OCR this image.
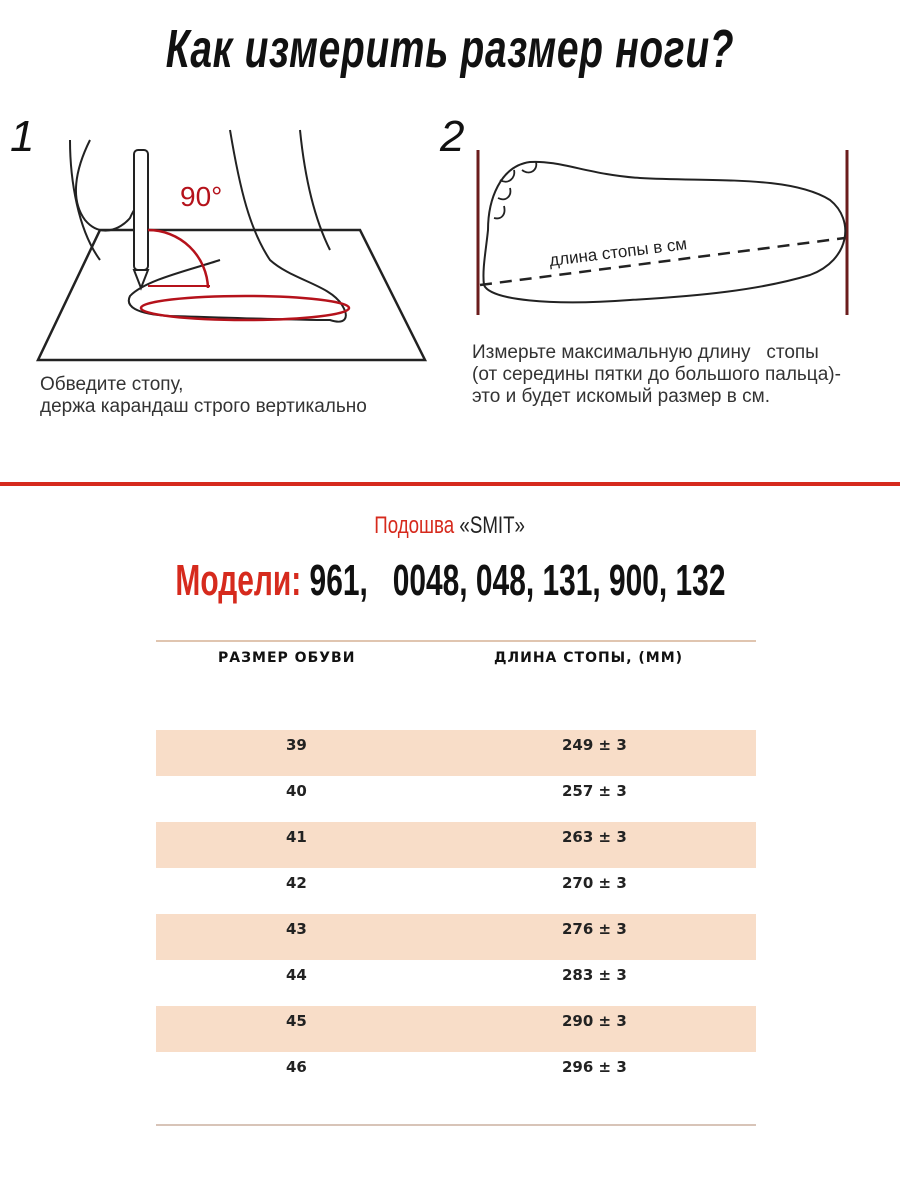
Как измерить размер ноги?
1	2
90°
длина стопы в см
Обведите стопу,
держа карандаш строго вертикально
Измерьте максимальную длину   стопы
(от середины пятки до большого пальца)-
это и будет искомый размер в см.
Подошва «SMIT»
Модели: 961,   0048, 048, 131, 900, 132
РАЗМЕР ОБУВИ	ДЛИНА СТОПЫ, (ММ)
39	249 ± 3
40	257 ± 3
41	263 ± 3
42	270 ± 3
43	276 ± 3
44	283 ± 3
45	290 ± 3
46	296 ± 3
